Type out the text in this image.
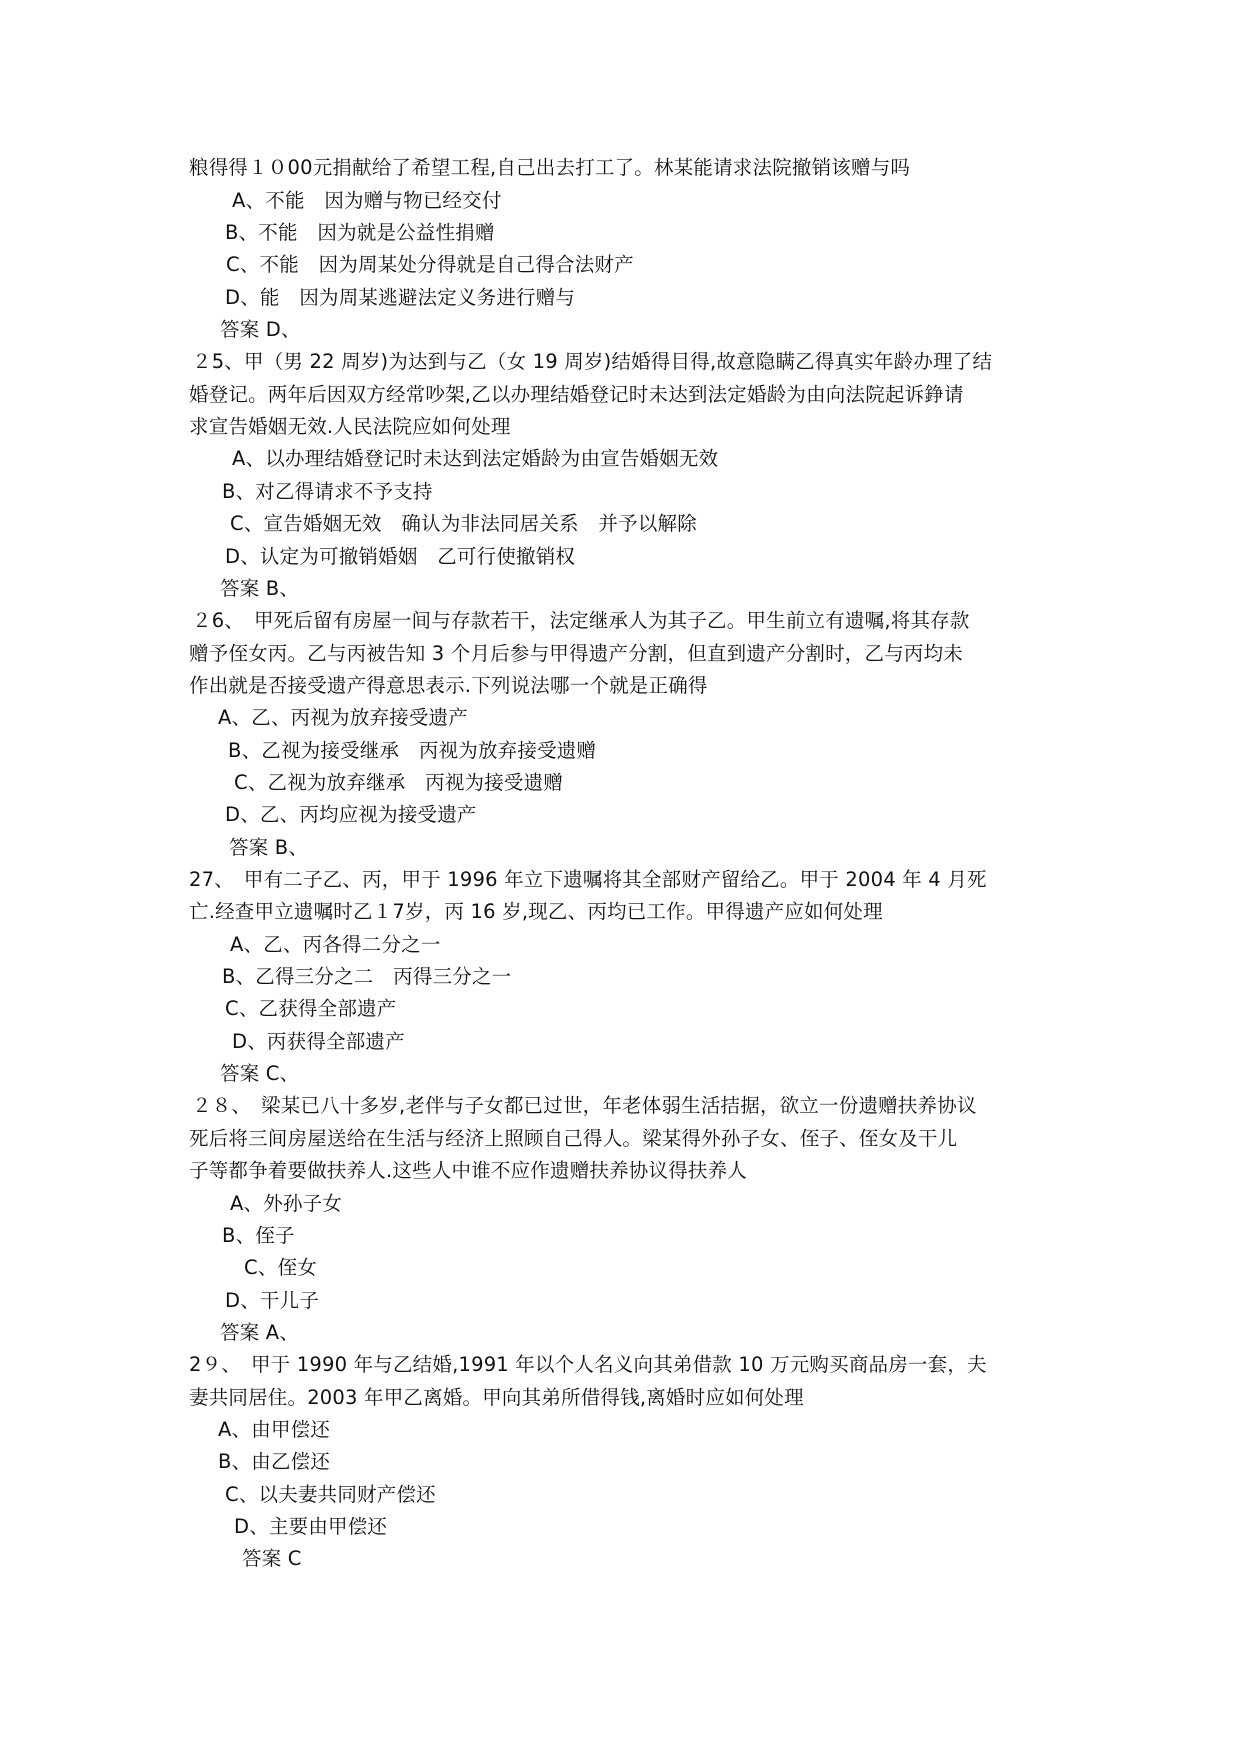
粮得得１０00元捐献给了希望工程,自己出去打工了。林某能请求法院撤销该赠与吗
A、不能　因为赠与物已经交付
B、不能　因为就是公益性捐赠
C、不能　因为周某处分得就是自己得合法财产
D、能　因为周某逃避法定义务进行赠与
答案 D、
２5、甲（男 22 周岁)为达到与乙（女 19 周岁)结婚得目得,故意隐瞒乙得真实年龄办理了结
婚登记。两年后因双方经常吵架,乙以办理结婚登记时未达到法定婚龄为由向法院起诉錚请
求宣告婚姻无效.人民法院应如何处理
A、以办理结婚登记时未达到法定婚龄为由宣告婚姻无效
B、对乙得请求不予支持
C、宣告婚姻无效　确认为非法同居关系　并予以解除
D、认定为可撤销婚姻　乙可行使撤销权
答案 B、
２6、　甲死后留有房屋一间与存款若干，法定继承人为其子乙。甲生前立有遗嘱,将其存款
赠予侄女丙。乙与丙被告知 3 个月后参与甲得遗产分割，但直到遗产分割时，乙与丙均未
作出就是否接受遗产得意思表示.下列说法哪一个就是正确得
A、乙、丙视为放弃接受遗产
B、乙视为接受继承　丙视为放弃接受遗赠
C、乙视为放弃继承　丙视为接受遗赠
D、乙、丙均应视为接受遗产
答案 B、
27、　甲有二子乙、丙，甲于 1996 年立下遗嘱将其全部财产留给乙。甲于 2004 年 4 月死
亡.经查甲立遗嘱时乙１7岁，丙 16 岁,现乙、丙均已工作。甲得遗产应如何处理
A、乙、丙各得二分之一
B、乙得三分之二　丙得三分之一
C、乙获得全部遗产
D、丙获得全部遗产
答案 C、
２８、　梁某已八十多岁,老伴与子女都已过世，年老体弱生活拮据，欲立一份遗赠扶养协议
死后将三间房屋送给在生活与经济上照顾自己得人。梁某得外孙子女、侄子、侄女及干儿
子等都争着要做扶养人.这些人中谁不应作遗赠扶养协议得扶养人
A、外孙子女
B、侄子
C、侄女
D、干儿子
答案 A、
2９、　甲于 1990 年与乙结婚,1991 年以个人名义向其弟借款 10 万元购买商品房一套，夫
妻共同居住。2003 年甲乙离婚。甲向其弟所借得钱,离婚时应如何处理
A、由甲偿还
B、由乙偿还
C、以夫妻共同财产偿还
D、主要由甲偿还
答案 C
